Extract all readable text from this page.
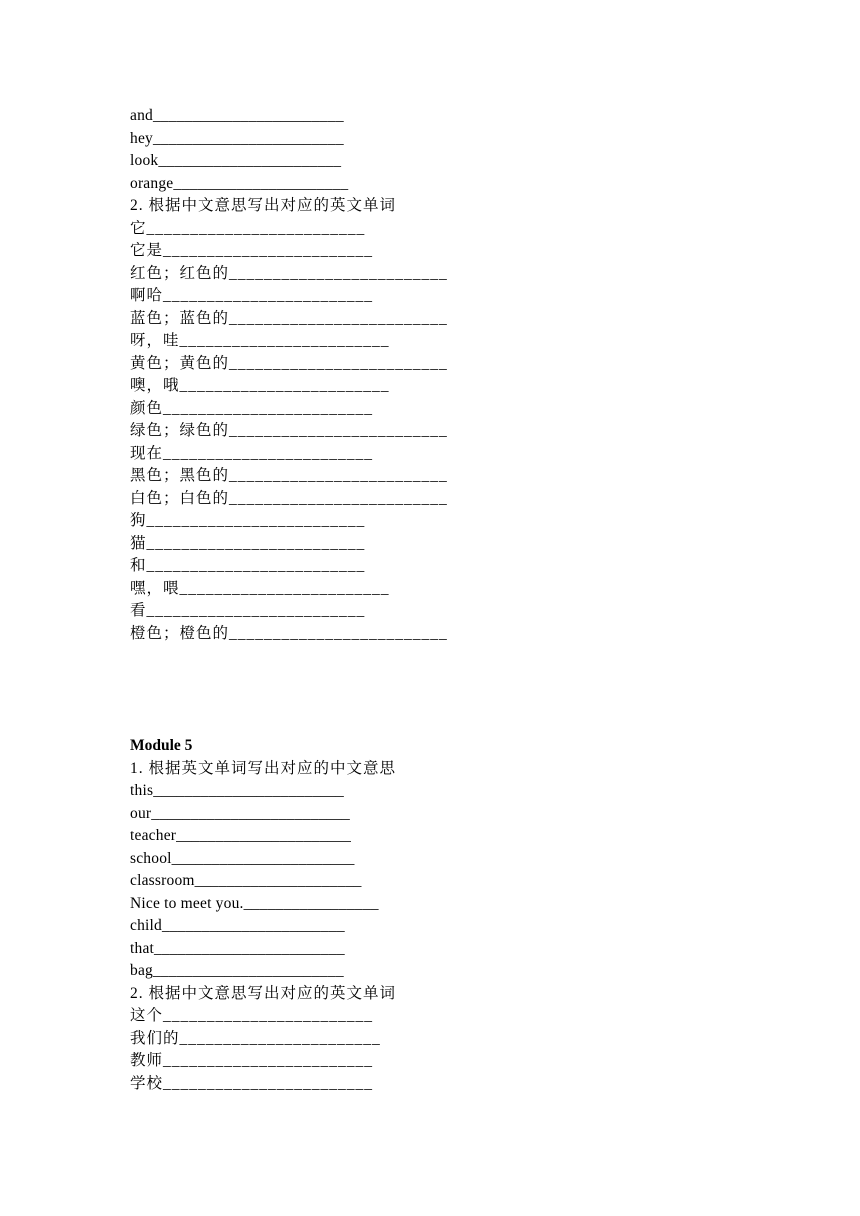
and________________________
hey________________________
look_______________________
orange______________________
2. 根据中文意思写出对应的英文单词
它_________________________
它是________________________
红色；红色的_________________________
啊哈________________________
蓝色；蓝色的_________________________
呀，哇________________________
黄色；黄色的_________________________
噢，哦________________________
颜色________________________
绿色；绿色的_________________________
现在________________________
黑色；黑色的_________________________
白色；白色的_________________________
狗_________________________
猫_________________________
和_________________________
嘿，喂________________________
看_________________________
橙色；橙色的_________________________
Module 5
1. 根据英文单词写出对应的中文意思
this________________________
our_________________________
teacher______________________
school_______________________
classroom_____________________
Nice to meet you._________________
child_______________________
that________________________
bag________________________
2. 根据中文意思写出对应的英文单词
这个________________________
我们的_______________________
教师________________________
学校________________________
